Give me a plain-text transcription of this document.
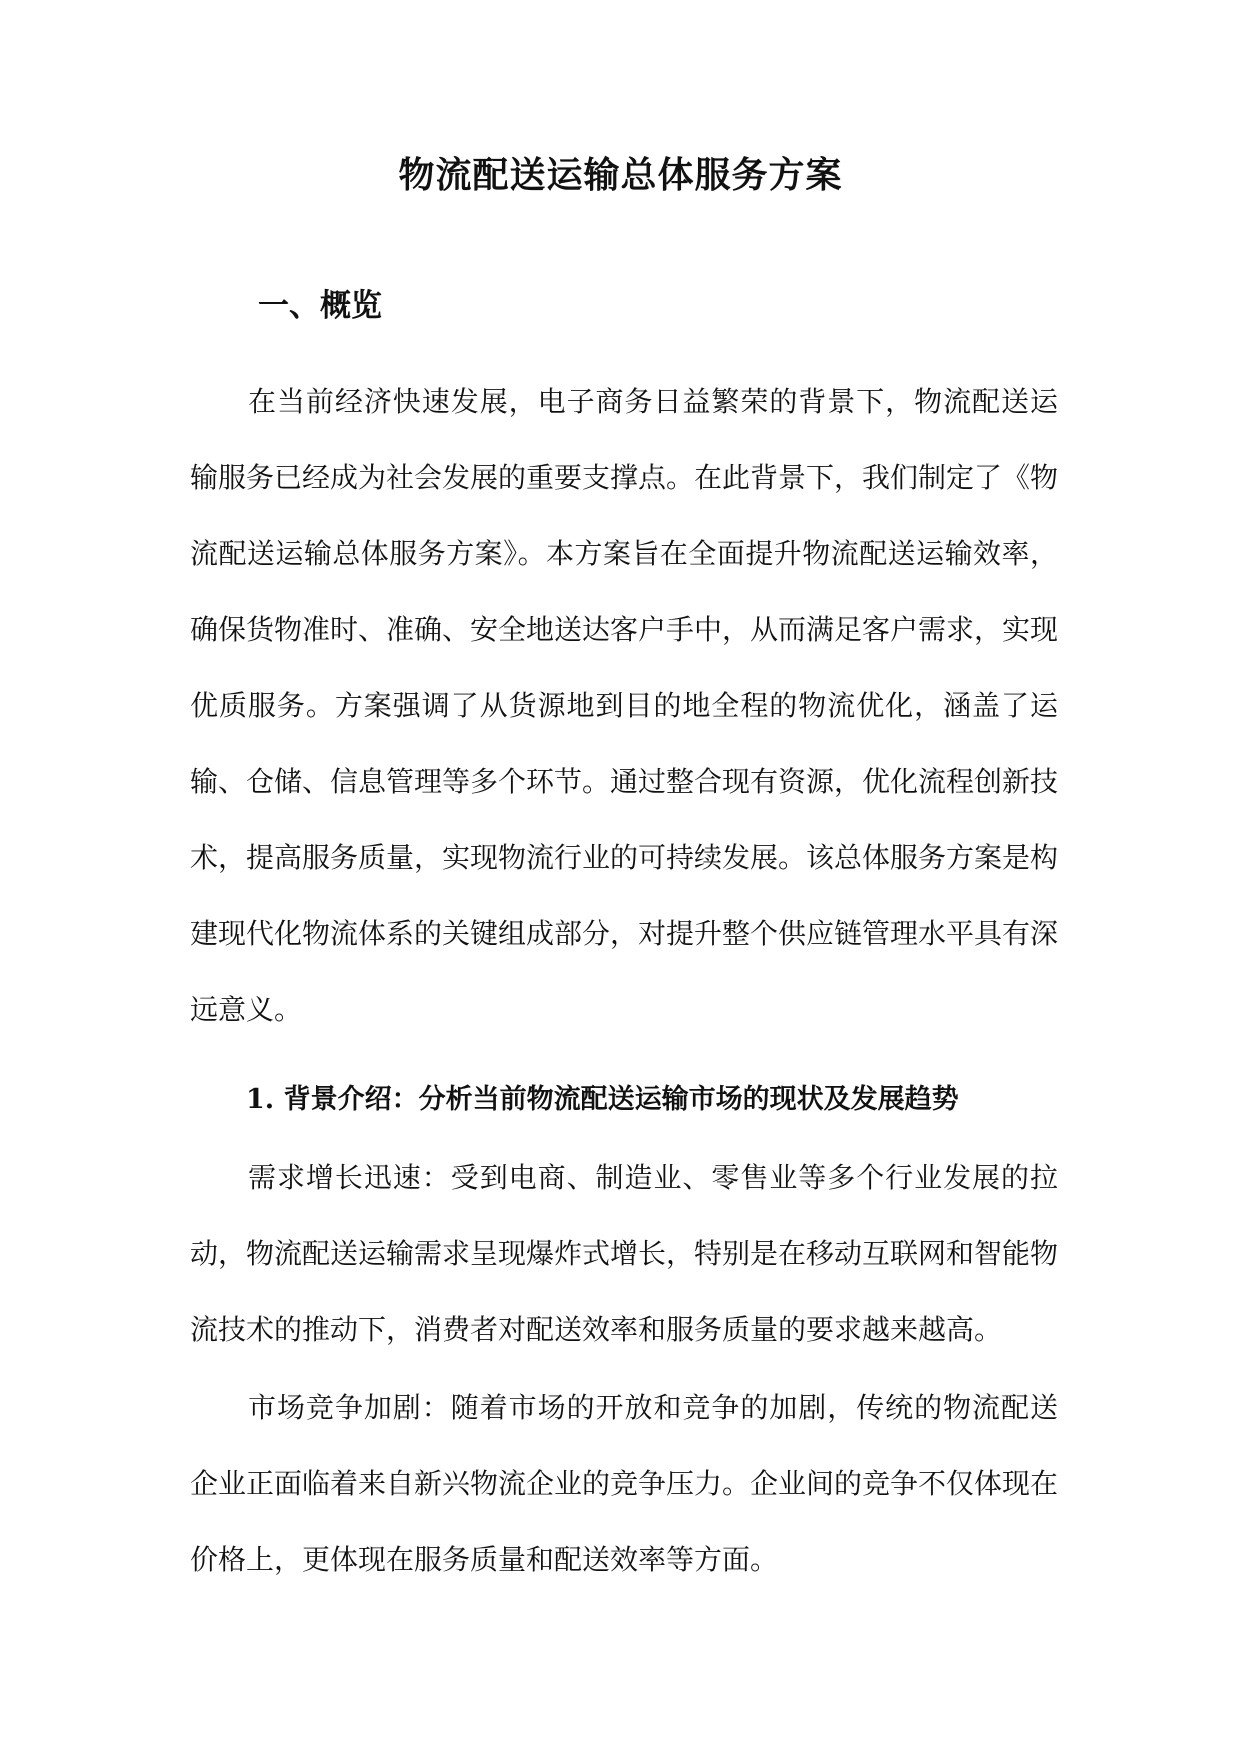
物流配送运输总体服务方案
一、概览

在当前经济快速发展，电子商务日益繁荣的背景下，物流配送运输服务已经成为社会发展的重要支撑点。在此背景下，我们制定了《物流配送运输总体服务方案》。本方案旨在全面提升物流配送运输效率，确保货物准时、准确、安全地送达客户手中，从而满足客户需求，实现优质服务。方案强调了从货源地到目的地全程的物流优化，涵盖了运输、仓储、信息管理等多个环节。通过整合现有资源，优化流程创新技术，提高服务质量，实现物流行业的可持续发展。该总体服务方案是构建现代化物流体系的关键组成部分，对提升整个供应链管理水平具有深远意义。

1. 背景介绍：分析当前物流配送运输市场的现状及发展趋势

需求增长迅速：受到电商、制造业、零售业等多个行业发展的拉动，物流配送运输需求呈现爆炸式增长，特别是在移动互联网和智能物流技术的推动下，消费者对配送效率和服务质量的要求越来越高。

市场竞争加剧：随着市场的开放和竞争的加剧，传统的物流配送企业正面临着来自新兴物流企业的竞争压力。企业间的竞争不仅体现在价格上，更体现在服务质量和配送效率等方面。
